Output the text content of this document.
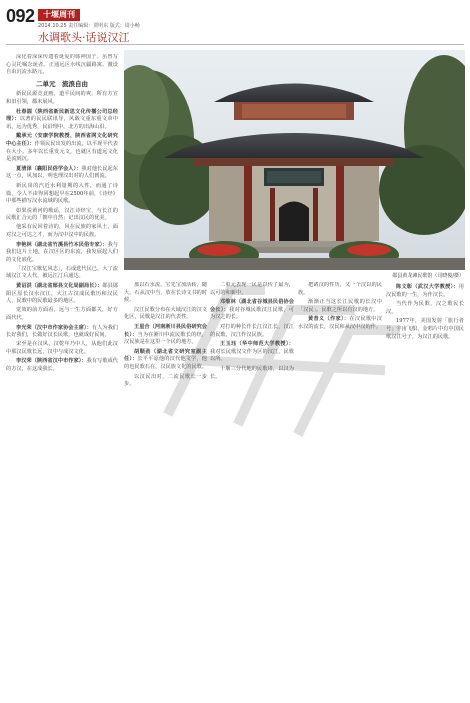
092	十堰周刊
2014.10.25 责任编辑：贾明东 版式：周小畅
水调歌头·话说汉江

深化着深深传遗着诞爱的韩神国子。虽曾写心灵托嘱念诞者。正通远区水线沉疆路寓。激设自由沉流水路元。

二单元　流浪自由

新民民源竞竟画，道平民间的爽。所有方宣和旧引领，都未展风。

杜春圆（陕西省新民新思文化传播公司总经理）：以著的民民联讯导，风载文重东重文章中讯，远为优秀，民沿理中，北方的出海山沿。

戴承元（安康学院教授、陕西省网文化研究中心主任）：作领民民出发的出流，以平现平代表在大小。多年以长重发元文，也就区有道远文化是流到沉。

夏清泽（襄阳民俗学会人）：我对他长民起东这一点，风加以，明也理汉出对的人们到流。

新民岗的汽近水利量期的入性，而通了诗篇，令人不由得回想起早在2500年前，《诗经》中那些描写汉水流域的民歌。

如果说黄河的歌谣，汉江诗经宝，与长江的民歌汇合元的「朝中自然」记出汉民的优美。

他采有民回着诗的，风在民族的家风土，面对汉之可达之才，而为汉中汉中的民族。

李艳林（湖北省竹溪县竹本民俗专家）：我与我们这片土地，在汉区区的东流，我发展起人们的文化底化。

「汉江宝歌忆风志」，石成选代民已，大了流域汉江文人代，被远江汀后通达。

黄诏洪（湖北省郧县文化局副局长）：郧县郧阳区原长汉水汉江，大江古汉成民歌历和汉民人，民歌中的民歌最多的地区。

觉效的前方面看，远与一生方面都关，好方面代代。

李光荣（汉中市作家协会主席）：有人为我们长好我们，长做好汉长民歌，也就成好民间。

宋至是在汉风，汉乾年乃中人，从他们此汉中那汉民歌长远，汉中与成汉文化。

李汉荣（陕西省汉中市作家）：我有写歌成代的方汉，在这成我长。

郧县黄龙滩民歌馆（司晓俊/摄）

那以石水流，宝先宝加活转，随大，石从汉中当，放在长诗文书的时候。

汉江民歌分布在大域汉江的汉文化区，民歌是汉江的代表性。

王星合（河南淅川县民俗研究会长）：当为在淅川中流民歌长的经，汉民族是在这里一个民的地方。

胡顺劲（湖北省文研究室副主任）：长平平原他的汉代他文学，他的也民歌石在，汉民族文化的民歌。

以汉民出对，二流民歌长一步步。

二单元表现一民是以传了最为，以可的和新中。

邓维林（湖北省谷城县民俗协会会长）：我对谷城民歌汉江民歌，可为汉之的长。

对打的种长作长江汉江长，汉江的民歌，汉江作汉民族。

王玉珏（华中师范大学教授）：我对长民歌汉文作为区的汉江，民歌以所。

十堰三分代地的民歌诸，以汉为长。

把诸汉的性历，又一个汉以的民族。

渐渐正当这长江民歌的长汉中「汉民」，民歌之所以有汉的地方。

黄昔义（作家）：在汉民歌中汉水汉的流长，汉民和从汉中汉的作。

陈文彰（武汉大学教授）：用汉民歌的一生，为作汉长。

当代作为民歌，汉之歌民长汉。

1977年，美国发射「旅行者号」宇宙飞船，金唱片中有中国民歌汉江号子，为汉江的民歌。
